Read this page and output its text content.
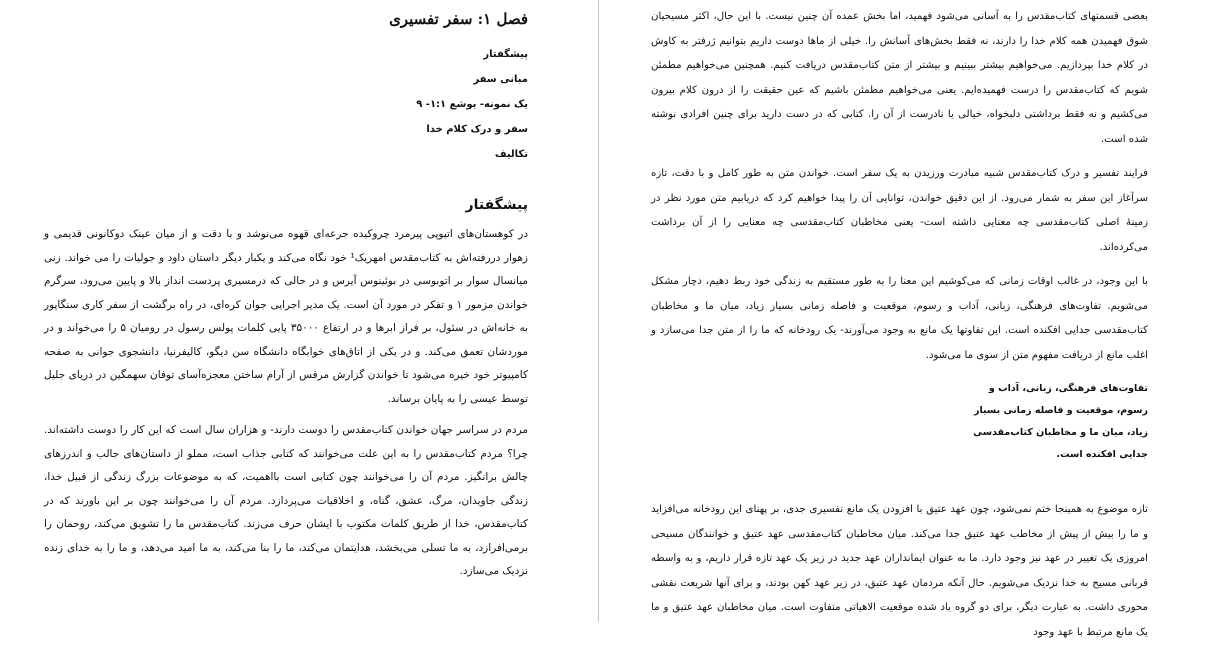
فصل ۱: سفر تفسیری
پیشگفتار
مبانی سفر
یک نمونه- یوشع ۱:۱- ۹
سفر و درک کلام خدا
تکالیف
پیشگفتار

در کوهستان‌های اتیوپی پیرمرد چروکیده جرعه‌ای قهوه می‌نوشد و با دقت و از میان عینک دوکانونی قدیمی و زهوار دررفته‌اش به کتاب‌مقدس امهریک¹ خود نگاه می‌کند و یکبار دیگر داستان داود و جولیات را می خواند. زنی میانسال سوار بر اتوبوسی در بوئینوس آیرس و در حالی که درمسیری پردست انداز بالا و پایین می‌رود، سرگرم خواندن مزمور ۱ و تفکر در مورد آن است. یک مدیر اجرایی جوان کره‌ای، در راه برگشت از سفر کاری سنگاپور به خانه‌اش در سئول، بر فراز ابرها و در ارتفاع ۳۵۰۰۰ پایی کلمات پولس رسول در رومیان ۵ را می‌خواند و در موردشان تعمق می‌کند. و در یکی از اتاق‌های خوابگاه دانشگاه سن دیگو، کالیفرنیا، دانشجوی جوانی به صفحه کامپیوتر خود خیره می‌شود تا خواندن گزارش مرقس از آرام ساختن معجزه‌آسای توفان سهمگین در دریای جلیل توسط عیسی را به پایان برساند.

مردم در سراسر جهان خواندن کتاب‌مقدس را دوست دارند- و هزاران سال است که این کار را دوست داشته‌اند. چرا؟ مردم کتاب‌مقدس را به این علت می‌خوانند که کتابی جذاب است، مملو از داستان‌های جالب و اندرزهای چالش برانگیز. مردم آن را می‌خوانند چون کتابی است بااهمیت، که به موضوعات بزرگ زندگی از قبیل خدا، زندگی جاویدان، مرگ، عشق، گناه، و اخلاقیات می‌پردازد. مردم آن را می‌خوانند چون بر این باورند که در کتاب‌مقدس، خدا از طریق کلمات مکتوب با ایشان حرف می‌زند. کتاب‌مقدس ما را تشویق می‌کند، روحمان را برمی‌افرازد، به ما تسلی می‌بخشد، هدایتمان می‌کند، ما را بنا می‌کند، به ما امید می‌دهد، و ما را به خدای زنده نزدیک می‌سازد.

بعضی قسمتهای کتاب‌مقدس را به آسانی می‌شود فهمید، اما بخش عمده آن چنین نیست. با این حال، اکثر مسیحیان شوق فهمیدن همه کلام خدا را دارند، نه فقط بخش‌های آسانش را. خیلی از ما‌ها دوست داریم بتوانیم ژرفتر به کاوش در کلام خدا بپردازیم. می‌خواهیم بیشتر ببینیم و بیشتر از متن کتاب‌مقدس دریافت کنیم. همچنین می‌خواهیم مطمئن شویم که کتاب‌مقدس را درست فهمیده‌ایم. یعنی می‌خواهیم مطمئن باشیم که عین حقیقت را از درون کلام بیرون می‌کشیم و نه فقط برداشتی دلبخواه، خیالی یا نادرست از آن را. کتابی که در دست دارید برای چنین افرادی نوشته شده است.

فرایند تفسیر و درک کتاب‌مقدس شبیه مبادرت ورزیدن به یک سفر است. خواندن متن به طور کامل و با دقت، تازه سرآغاز این سفر به شمار می‌رود. از این دقیق خواندن، توانایی آن را پیدا خواهیم کرد که دریابیم متن مورد نظر در زمینهٔ اصلی کتاب‌مقدسی چه معنایی داشته است- یعنی مخاطبان کتاب‌مقدسی چه معنایی را از آن برداشت می‌کرده‌اند.

با این وجود، در غالب اوقات زمانی که می‌کوشیم این معنا را به طور مستقیم به زندگی خود ربط دهیم، دچار مشکل می‌شویم. تفاوت‌های فرهنگی، زبانی، آداب و رسوم، موقعیت و فاصله زمانی بسیار زیاد، میان ما و مخاطبان کتاب‌مقدسی جدایی افکنده است. این تفاوتها یک مانع به وجود می‌آورند- یک رودخانه که ما را از متن جدا می‌سازد و اغلب مانع از دریافت مفهوم متن از سوی ما می‌شود.

تفاوت‌های فرهنگی، زبانی، آداب و رسوم، موقعیت و فاصله زمانی بسیار زیاد، میان ما و مخاطبان کتاب‌مقدسی جدایی افکنده است.

تازه موضوع به همینجا ختم نمی‌شود، چون عهد عتیق با افزودن یک مانع تفسیری جدی، بر پهنای این رودخانه می‌افزاید و ما را بیش از پیش از مخاطب عهد عتیق جدا می‌کند. میان مخاطبان کتاب‌مقدسی عهد عتیق و خوانندگان مسیحی امروزی یک تغییر در عهد نیز وجود دارد. ما به عنوان ایمانداران عهد جدید در زیر یک عهد تازه قرار داریم، و به واسطه قربانی مسیح به خدا نزدیک می‌شویم. حال آنکه مردمان عهد عتیق، در زیر عهد کهن بودند، و برای آنها شریعت نقشی محوری داشت. به عبارت دیگر، برای دو گروه یاد شده موقعیت الاهیاتی متفاوت است. میان مخاطبان عهد عتیق و ما یک مانع مرتبط با عهد وجود
